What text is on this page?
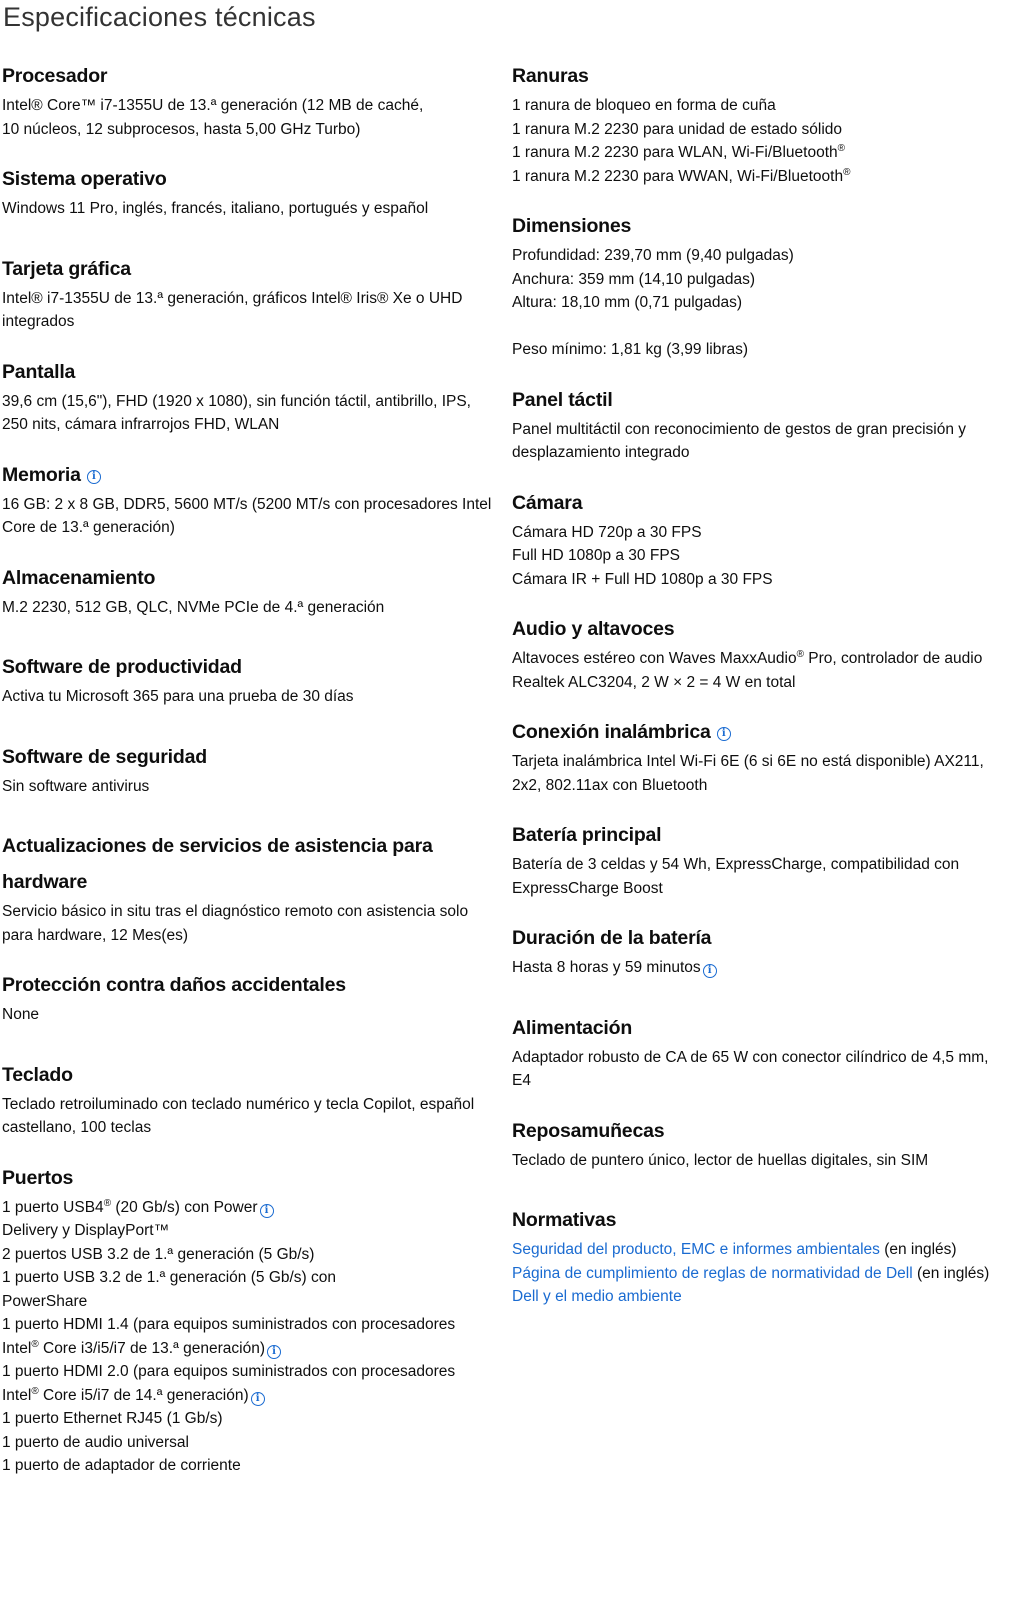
Especificaciones técnicas
Procesador
Intel® Core™ i7-1355U de 13.ª generación (12 MB de caché,
10 núcleos, 12 subprocesos, hasta 5,00 GHz Turbo)
Sistema operativo
Windows 11 Pro, inglés, francés, italiano, portugués y español
Tarjeta gráfica
Intel® i7-1355U de 13.ª generación, gráficos Intel® Iris® Xe o UHD
integrados
Pantalla
39,6 cm (15,6"), FHD (1920 x 1080), sin función táctil, antibrillo, IPS,
250 nits, cámara infrarrojos FHD, WLAN
Memoria i
16 GB: 2 x 8 GB, DDR5, 5600 MT/s (5200 MT/s con procesadores Intel
Core de 13.ª generación)
Almacenamiento
M.2 2230, 512 GB, QLC, NVMe PCIe de 4.ª generación
Software de productividad
Activa tu Microsoft 365 para una prueba de 30 días
Software de seguridad
Sin software antivirus
Actualizaciones de servicios de asistencia para
hardware
Servicio básico in situ tras el diagnóstico remoto con asistencia solo
para hardware, 12 Mes(es)
Protección contra daños accidentales
None
Teclado
Teclado retroiluminado con teclado numérico y tecla Copilot, español
castellano, 100 teclas
Puertos
1 puerto USB4® (20 Gb/s) con Power i
Delivery y DisplayPort™
2 puertos USB 3.2 de 1.ª generación (5 Gb/s)
1 puerto USB 3.2 de 1.ª generación (5 Gb/s) con
PowerShare
1 puerto HDMI 1.4 (para equipos suministrados con procesadores
Intel® Core i3/i5/i7 de 13.ª generación) i
1 puerto HDMI 2.0 (para equipos suministrados con procesadores
Intel® Core i5/i7 de 14.ª generación) i
1 puerto Ethernet RJ45 (1 Gb/s)
1 puerto de audio universal
1 puerto de adaptador de corriente
Ranuras
1 ranura de bloqueo en forma de cuña
1 ranura M.2 2230 para unidad de estado sólido
1 ranura M.2 2230 para WLAN, Wi-Fi/Bluetooth®
1 ranura M.2 2230 para WWAN, Wi-Fi/Bluetooth®
Dimensiones
Profundidad: 239,70 mm (9,40 pulgadas)
Anchura: 359 mm (14,10 pulgadas)
Altura: 18,10 mm (0,71 pulgadas)
Peso mínimo: 1,81 kg (3,99 libras)
Panel táctil
Panel multitáctil con reconocimiento de gestos de gran precisión y
desplazamiento integrado
Cámara
Cámara HD 720p a 30 FPS
Full HD 1080p a 30 FPS
Cámara IR + Full HD 1080p a 30 FPS
Audio y altavoces
Altavoces estéreo con Waves MaxxAudio® Pro, controlador de audio
Realtek ALC3204, 2 W × 2 = 4 W en total
Conexión inalámbrica i
Tarjeta inalámbrica Intel Wi-Fi 6E (6 si 6E no está disponible) AX211,
2x2, 802.11ax con Bluetooth
Batería principal
Batería de 3 celdas y 54 Wh, ExpressCharge, compatibilidad con
ExpressCharge Boost
Duración de la batería
Hasta 8 horas y 59 minutos i
Alimentación
Adaptador robusto de CA de 65 W con conector cilíndrico de 4,5 mm,
E4
Reposamuñecas
Teclado de puntero único, lector de huellas digitales, sin SIM
Normativas
Seguridad del producto, EMC e informes ambientales (en inglés)
Página de cumplimiento de reglas de normatividad de Dell (en inglés)
Dell y el medio ambiente
